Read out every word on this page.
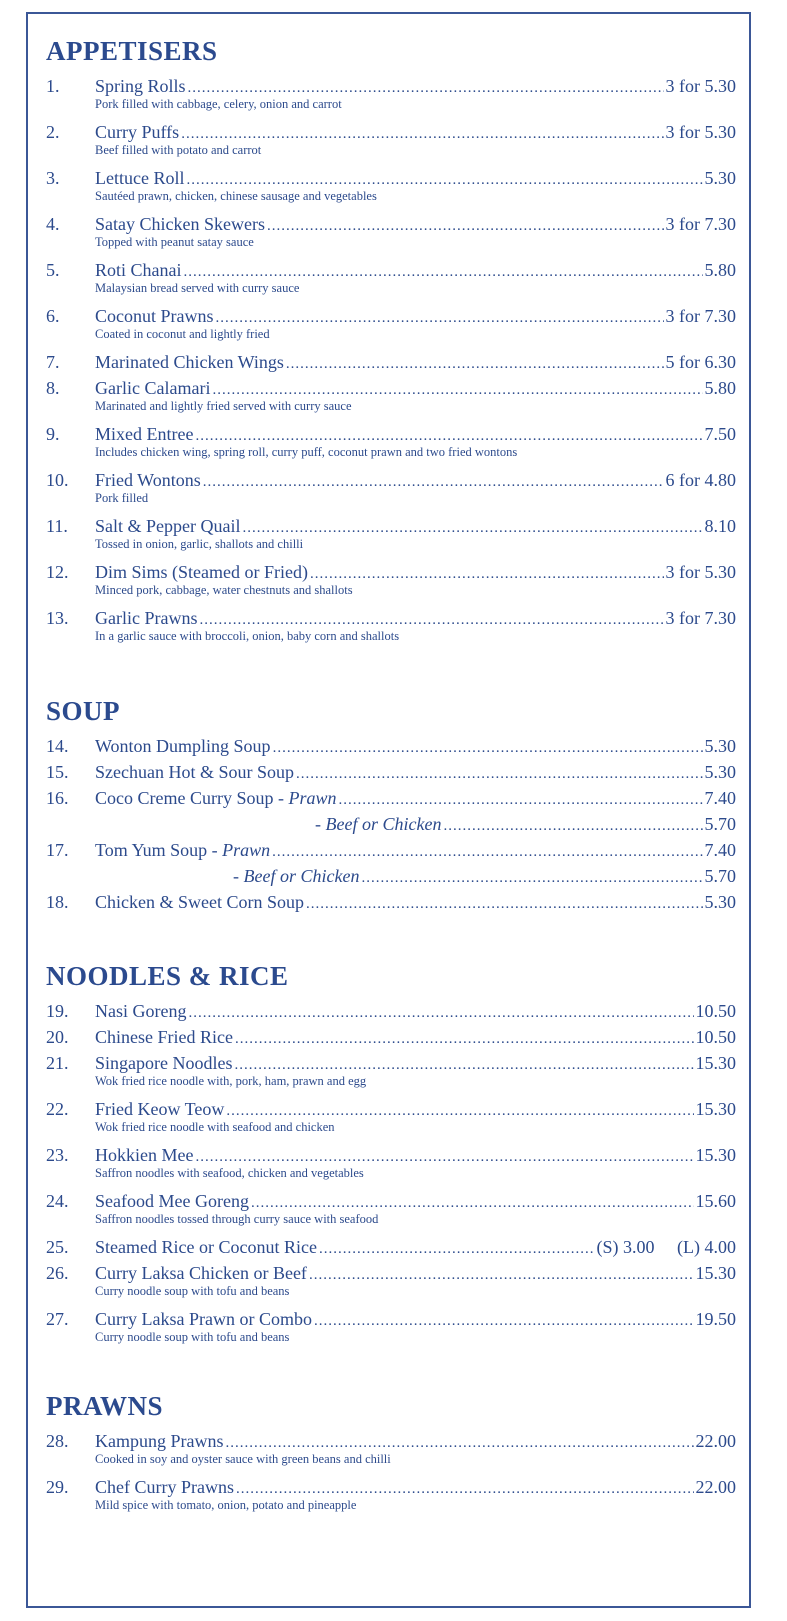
APPETISERS
1.	Spring Rolls .....	3 for 5.30
Pork filled with cabbage, celery, onion and carrot
2.	Curry Puffs .....	3 for 5.30
Beef filled with potato and carrot
3.	Lettuce Roll .....	5.30
Sautéed prawn, chicken, chinese sausage and vegetables
4.	Satay Chicken Skewers .....	3 for 7.30
Topped with peanut satay sauce
5.	Roti Chanai .....	5.80
Malaysian bread served with curry sauce
6.	Coconut Prawns .....	3 for 7.30
Coated in coconut and lightly fried
7.	Marinated Chicken Wings .....	5 for 6.30
8.	Garlic Calamari .....	5.80
Marinated and lightly fried served with curry sauce
9.	Mixed Entree .....	7.50
Includes chicken wing, spring roll, curry puff, coconut prawn and two fried wontons
10.	Fried Wontons .....	6 for 4.80
Pork filled
11.	Salt & Pepper Quail .....	8.10
Tossed in onion, garlic, shallots and chilli
12.	Dim Sims (Steamed or Fried) .....	3 for 5.30
Minced pork, cabbage, water chestnuts and shallots
13.	Garlic Prawns .....	3 for 7.30
In a garlic sauce with broccoli, onion, baby corn and shallots
SOUP
14.	Wonton Dumpling Soup .....	5.30
15.	Szechuan Hot & Sour Soup .....	5.30
16.	Coco Creme Curry Soup - Prawn .....	7.40
- Beef or Chicken .....	5.70
17.	Tom Yum Soup - Prawn .....	7.40
- Beef or Chicken .....	5.70
18.	Chicken & Sweet Corn Soup .....	5.30
NOODLES & RICE
19.	Nasi Goreng .....	10.50
20.	Chinese Fried Rice .....	10.50
21.	Singapore Noodles .....	15.30
Wok fried rice noodle with, pork, ham, prawn and egg
22.	Fried Keow Teow .....	15.30
Wok fried rice noodle with seafood and chicken
23.	Hokkien Mee .....	15.30
Saffron noodles with seafood, chicken and vegetables
24.	Seafood Mee Goreng .....	15.60
Saffron noodles tossed through curry sauce with seafood
25.	Steamed Rice or Coconut Rice .....	(S) 3.00     (L) 4.00
26.	Curry Laksa Chicken or Beef .....	15.30
Curry noodle soup with tofu and beans
27.	Curry Laksa Prawn or Combo .....	19.50
Curry noodle soup with tofu and beans
PRAWNS
28.	Kampung Prawns .....	22.00
Cooked in soy and oyster sauce with green beans and chilli
29.	Chef Curry Prawns .....	22.00
Mild spice with tomato, onion, potato and pineapple
